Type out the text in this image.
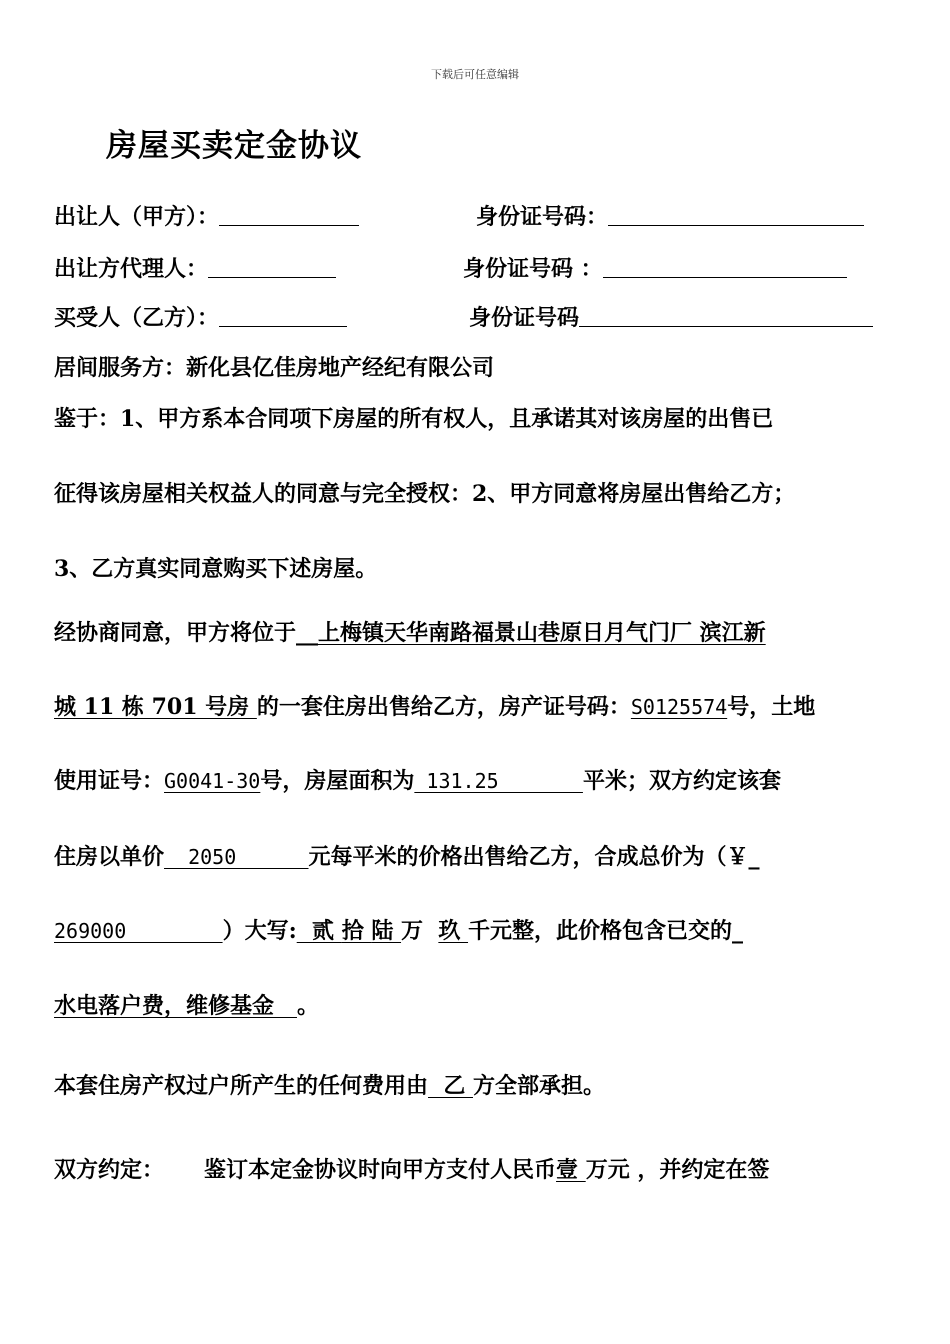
下载后可任意编辑
房屋买卖定金协议
出让人（甲方）：	身份证号码：
出让方代理人：	身份证号码 ：
买受人（乙方）：	身份证号码
居间服务方：新化县亿佳房地产经纪有限公司
鉴于：1、甲方系本合同项下房屋的所有权人，且承诺其对该房屋的出售已
征得该房屋相关权益人的同意与完全授权：2、甲方同意将房屋出售给乙方；
3、乙方真实同意购买下述房屋。
经协商同意，甲方将位于__上梅镇天华南路福景山巷原日月气门厂 滨江新
城 11 栋 701 号房 的一套住房出售给乙方，房产证号码：S0125574号，土地
使用证号：G0041-30号，房屋面积为 131.25       平米；双方约定该套
住房以单价  2050      元每平米的价格出售给乙方，合成总价为（￥_
269000        ）大写:  贰 拾 陆 万  玖 千元整，此价格包含已交的_
水电落户费，维修基金   。
本套住房产权过户所产生的任何费用由  乙 方全部承担。
双方约定： 鉴订本定金协议时向甲方支付人民币壹 万元 ，并约定在签
